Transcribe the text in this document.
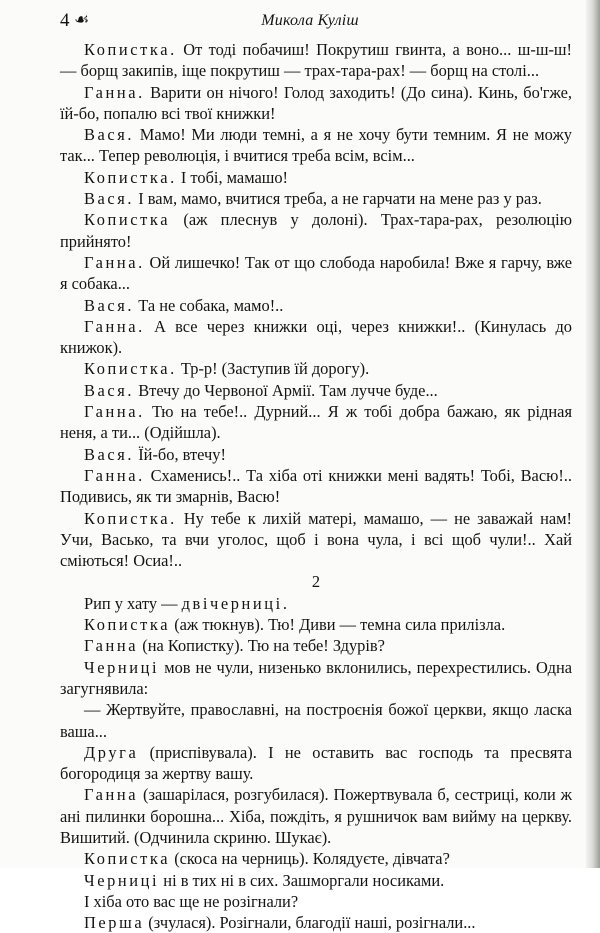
4 ☙	Микола Куліш

Копистка. От тоді побачиш! Покрутиш гвинта, а воно... ш-ш-ш! — борщ закипів, іще покрутиш — трах-тара-рах! — борщ на столі...

Ганна. Варити он нічого! Голод заходить! (До сина). Кинь, бо'гже, їй-бо, попалю всі твої книжки!

Вася. Мамо! Ми люди темні, а я не хочу бути темним. Я не можу так... Тепер революція, і вчитися треба всім, всім...

Копистка. І тобі, мамашо!

Вася. І вам, мамо, вчитися треба, а не гарчати на мене раз у раз.

Копистка (аж плеснув у долоні). Трах-тара-рах, резолюцію прийнято!

Ганна. Ой лишечко! Так от що слобода наробила! Вже я гарчу, вже я собака...

Вася. Та не собака, мамо!..

Ганна. А все через книжки оці, через книжки!.. (Кинулась до книжок).

Копистка. Тр-р! (Заступив їй дорогу).

Вася. Втечу до Червоної Армії. Там лучче буде...

Ганна. Тю на тебе!.. Дурний... Я ж тобі добра бажаю, як рідная неня, а ти... (Одійшла).

Вася. Їй-бо, втечу!

Ганна. Схаменись!.. Та хіба оті книжки мені вадять! Тобі, Васю!.. Подивись, як ти змарнів, Васю!

Копистка. Ну тебе к лихій матері, мамашо, — не заважай нам! Учи, Васько, та вчи уголос, щоб і вона чула, і всі щоб чули!.. Хай сміються! Осиа!..

2

Рип у хату — двічерниці.

Копистка (аж тюкнув). Тю! Диви — темна сила прилізла.

Ганна (на Копистку). Тю на тебе! Здурів?

Черниці мов не чули, низенько вклонились, перехрестились. Одна загугнявила:

— Жертвуйте, православні, на построєнія божої церкви, якщо ласка ваша...

Друга (приспівувала). І не оставить вас господь та пресвята богородиця за жертву вашу.

Ганна (зашарілася, розгубилася). Пожертвувала б, сестриці, коли ж ані пилинки борошна... Хіба, пождіть, я рушничок вам вийму на церкву. Вишитий. (Одчинила скриню. Шукає).

Копистка (скоса на черниць). Колядуєте, дівчата?

Черниці ні в тих ні в сих. Зашморгали носиками.

І хіба ото вас ще не розігнали?

Перша (зчулася). Розігнали, благодії наші, розігнали...
